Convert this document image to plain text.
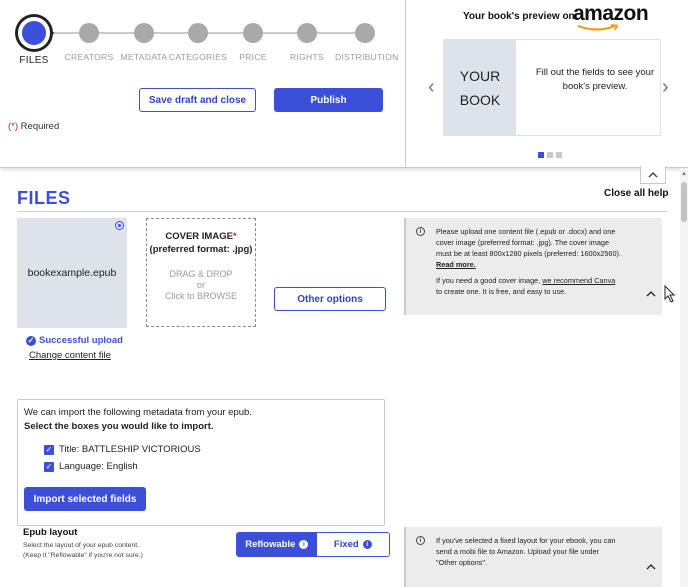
FILES	CREATORS METADATA CATEGORIES	PRICE	RIGHTS	DISTRIBUTION
Save draft and close	Publish
(*) Required
Your book's preview on
amazon
‹
YOUR
BOOK
Fill out the fields to see your book's preview.	›
FILES	Close all help
bookexample.epub
✓ Successful upload
Change content file
COVER IMAGE*
(preferred format: .jpg)
DRAG & DROP
or
Click to BROWSE	Other options
i	Please upload one content file (.epub or .docx) and one
cover image (preferred format: .jpg). The cover image
must be at least 800x1280 pixels (preferred: 1600x2560).
Read more.
If you need a good cover image, we recommend Canva
to create one. It is free, and easy to use.
We can import the following metadata from your epub.
Select the boxes you would like to import.
✓ Title: BATTLESHIP VICTORIOUS
✓ Language: English
Import selected fields
Epub layout
Select the layout of your epub content.
(Keep it "Reflowable" if you're not sure.)
Reflowable	i	Fixed	i
i	If you've selected a fixed layout for your ebook, you can
send a mobi file to Amazon. Upload your file under
"Other options".
▲
